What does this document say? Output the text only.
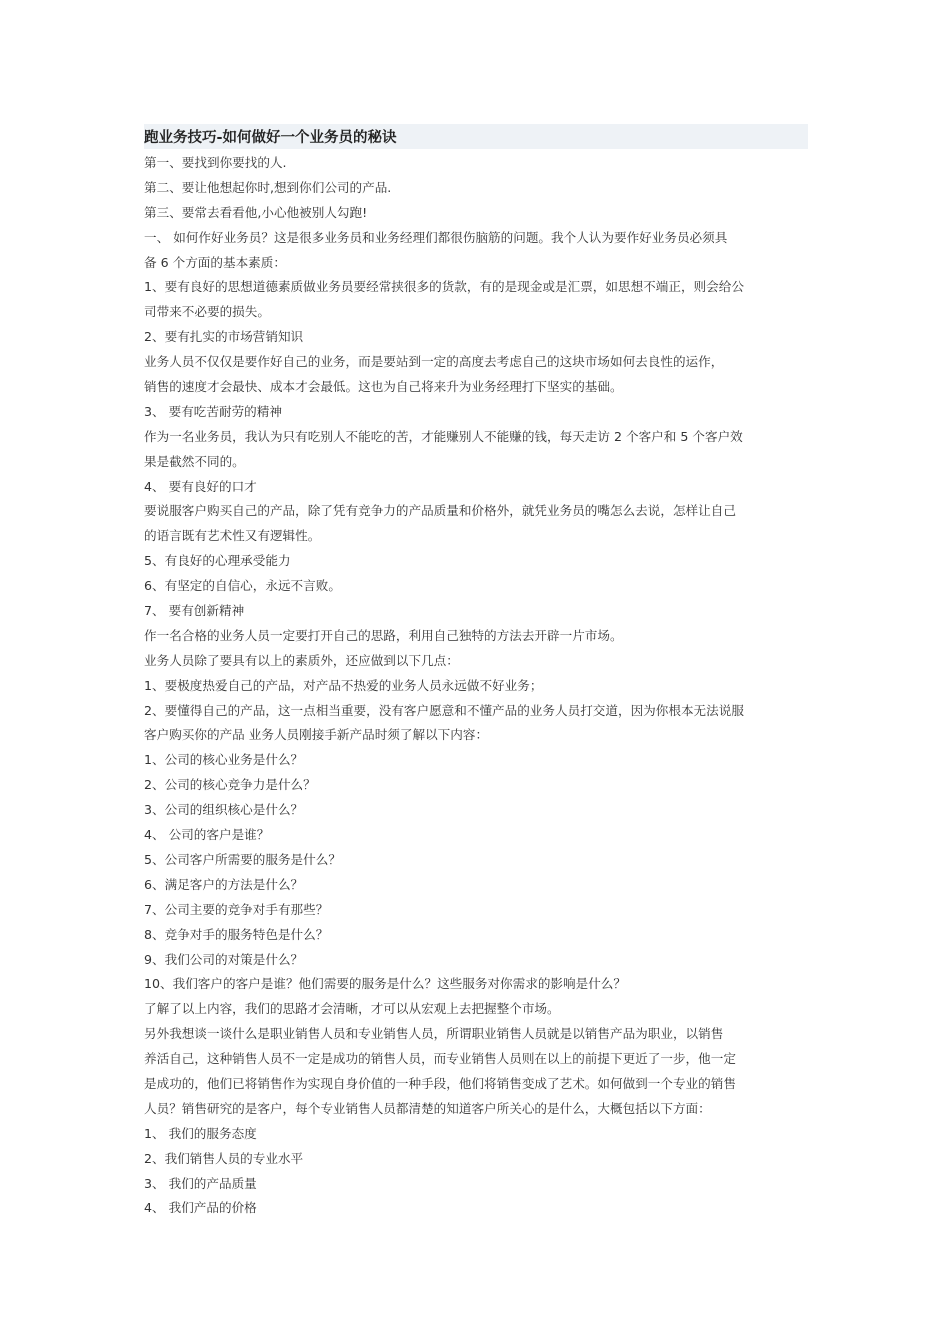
跑业务技巧-如何做好一个业务员的秘诀
第一、要找到你要找的人.
第二、要让他想起你时,想到你们公司的产品.
第三、要常去看看他,小心他被别人勾跑!
一、 如何作好业务员？这是很多业务员和业务经理们都很伤脑筋的问题。我个人认为要作好业务员必须具
备 6 个方面的基本素质：
1、要有良好的思想道德素质做业务员要经常挟很多的货款，有的是现金或是汇票，如思想不端正，则会给公
司带来不必要的损失。
2、要有扎实的市场营销知识
业务人员不仅仅是要作好自己的业务，而是要站到一定的高度去考虑自己的这块市场如何去良性的运作，
销售的速度才会最快、成本才会最低。这也为自己将来升为业务经理打下坚实的基础。
3、 要有吃苦耐劳的精神
作为一名业务员，我认为只有吃别人不能吃的苦，才能赚别人不能赚的钱，每天走访 2 个客户和 5 个客户效
果是截然不同的。
4、 要有良好的口才
要说服客户购买自己的产品，除了凭有竞争力的产品质量和价格外，就凭业务员的嘴怎么去说，怎样让自己
的语言既有艺术性又有逻辑性。
5、有良好的心理承受能力
6、有坚定的自信心，永远不言败。
7、 要有创新精神
作一名合格的业务人员一定要打开自己的思路，利用自己独特的方法去开辟一片市场。
业务人员除了要具有以上的素质外，还应做到以下几点：
1、要极度热爱自己的产品，对产品不热爱的业务人员永远做不好业务；
2、要懂得自己的产品，这一点相当重要，没有客户愿意和不懂产品的业务人员打交道，因为你根本无法说服
客户购买你的产品 业务人员刚接手新产品时须了解以下内容：
1、公司的核心业务是什么？
2、公司的核心竞争力是什么？
3、公司的组织核心是什么？
4、 公司的客户是谁？
5、公司客户所需要的服务是什么？
6、满足客户的方法是什么？
7、公司主要的竞争对手有那些？
8、竞争对手的服务特色是什么？
9、我们公司的对策是什么？
10、我们客户的客户是谁？他们需要的服务是什么？这些服务对你需求的影响是什么？
了解了以上内容，我们的思路才会清晰，才可以从宏观上去把握整个市场。
另外我想谈一谈什么是职业销售人员和专业销售人员，所谓职业销售人员就是以销售产品为职业，以销售
养活自己，这种销售人员不一定是成功的销售人员，而专业销售人员则在以上的前提下更近了一步，他一定
是成功的，他们已将销售作为实现自身价值的一种手段，他们将销售变成了艺术。如何做到一个专业的销售
人员？销售研究的是客户，每个专业销售人员都清楚的知道客户所关心的是什么，大概包括以下方面：
1、 我们的服务态度
2、我们销售人员的专业水平
3、 我们的产品质量
4、 我们产品的价格
